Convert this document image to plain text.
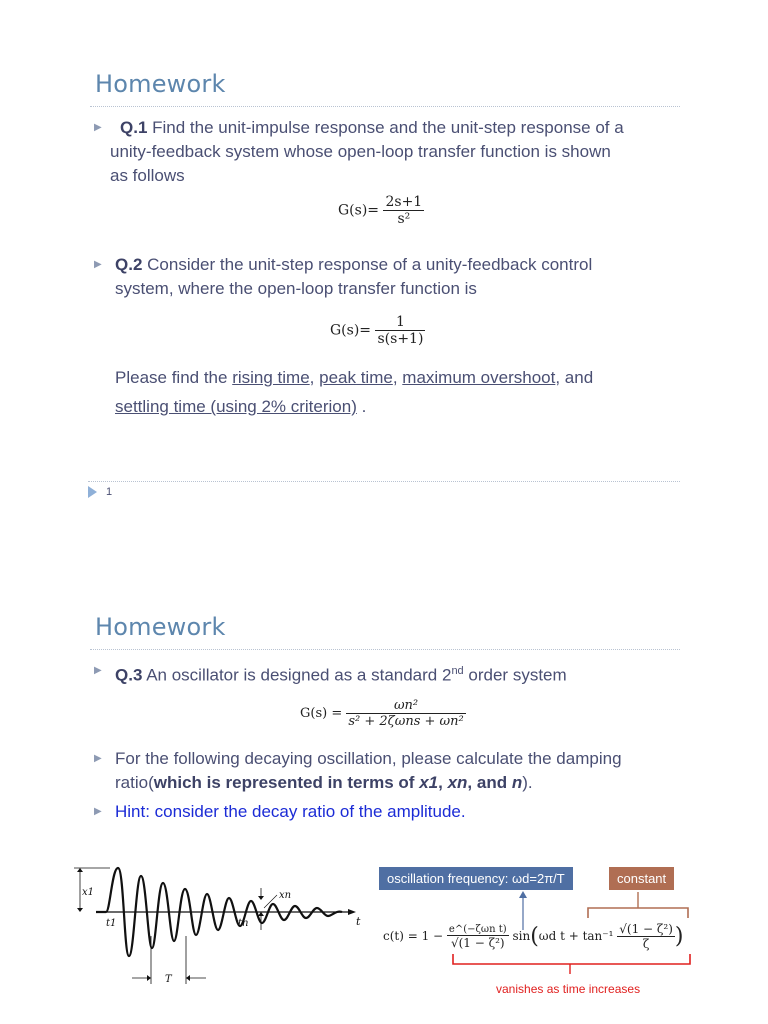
Homework
▶	Q.1 Find the unit-impulse response and the unit-step response of a
unity-feedback system whose open-loop transfer function is shown
as follows
$G(s)= \frac{2s+1}{\text{s²}}$
▶ Q.2 Consider the unit-step response of a unity-feedback control
system, where the open-loop transfer function is
$G(s)= \frac{1}{s(s+1)}$
Please find the rising time, peak time, maximum overshoot, and
settling time (using 2% criterion) .
1
Homework
▶ Q.3 An oscillator is designed as a standard 2nd order system
$G(s) = \frac{\text{ωn²}}{\text{s² + 2ζωns + ωn²}}$
▶ For the following decaying oscillation, please calculate the damping
ratio(which is represented in terms of x1, xn, and n).
▶ Hint: consider the decay ratio of the amplitude.
x1	xn
t1	tn	t
T
oscillation frequency: ωd=2π/T	constant
$c(t) = 1 - \frac{\text{e\textasciicircum{}(−ζωn t)}}{\text{√(1 − ζ²)}} \sin(\omega d$ $t + \tan^{-1} \frac{\text{√(1 − ζ²)}}{\zeta}$ )
vanishes as time increases
